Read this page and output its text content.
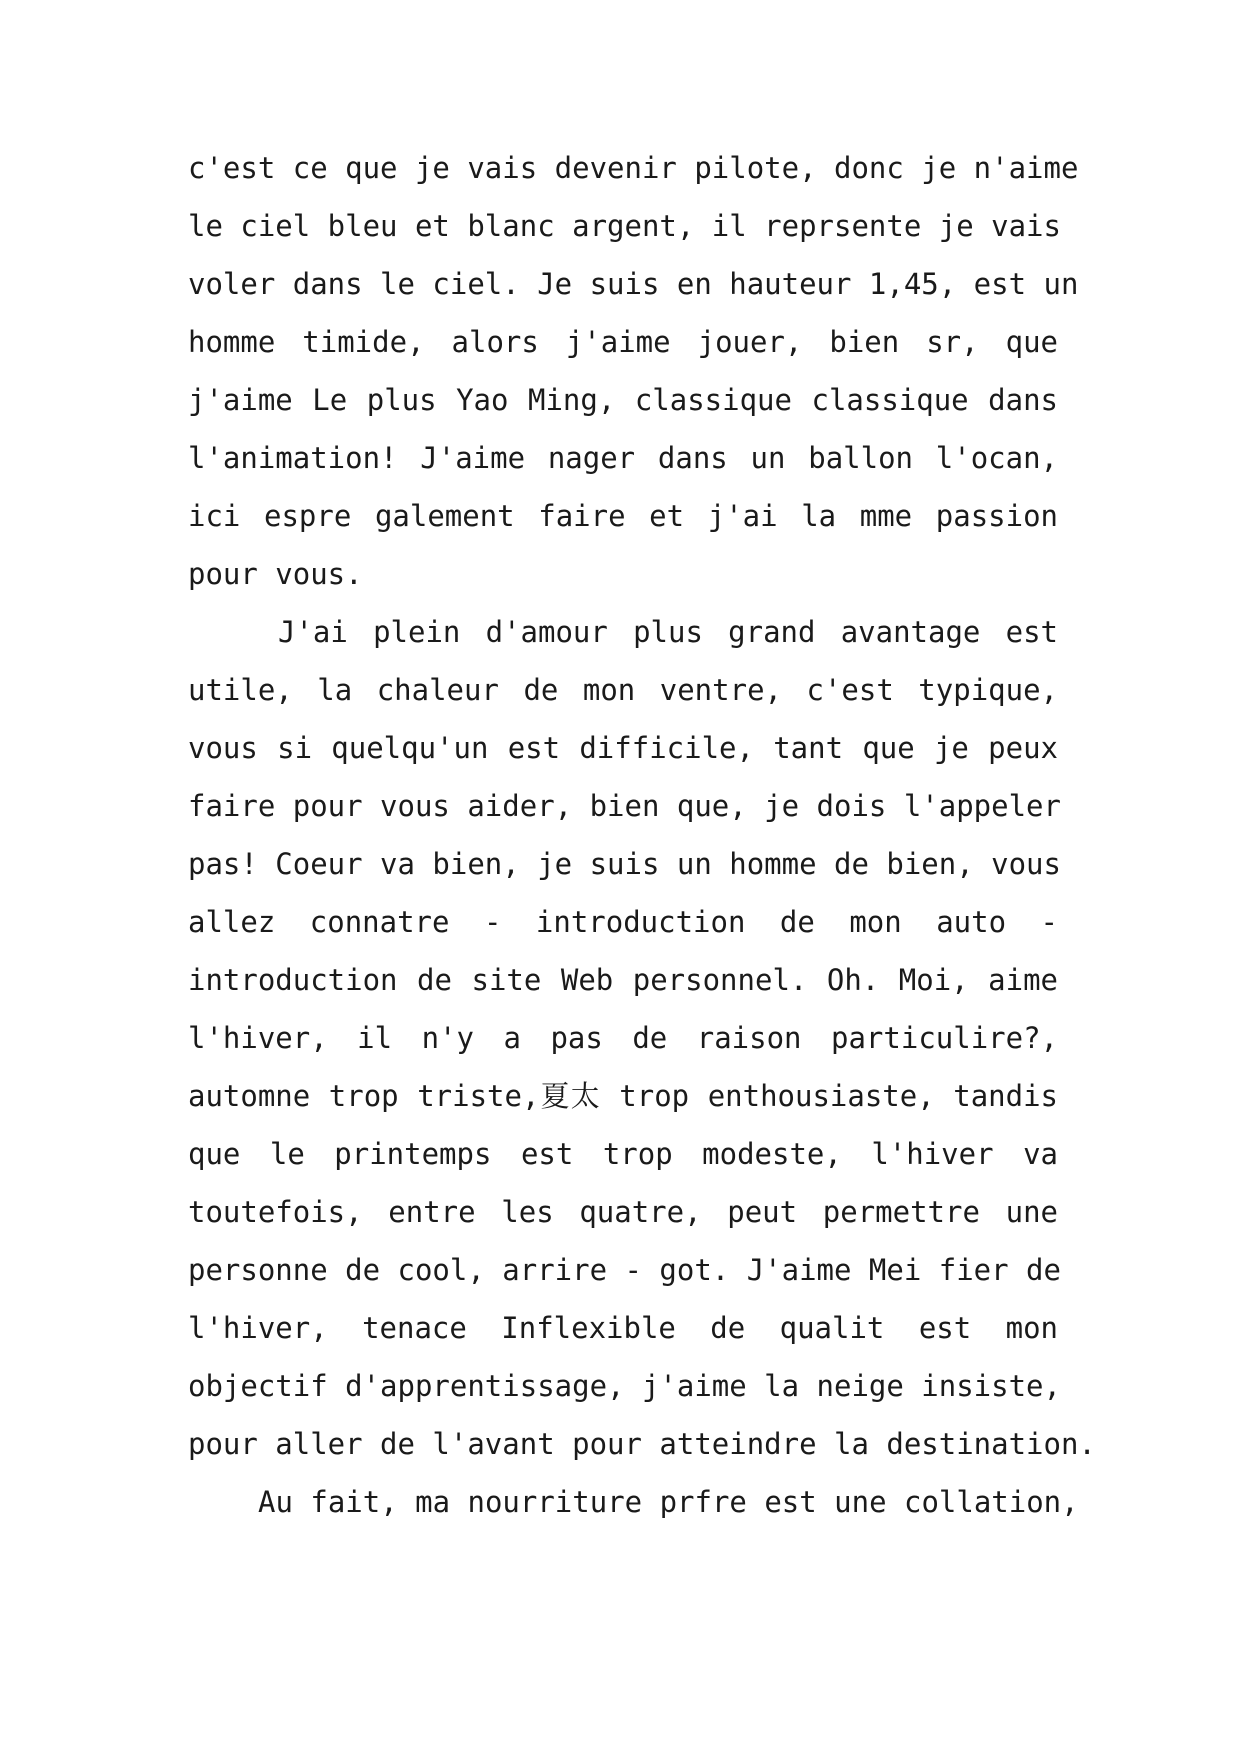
c'est ce que je vais devenir pilote, donc je n'aime
le ciel bleu et blanc argent, il reprsente je vais
voler dans le ciel. Je suis en hauteur 1,45, est un
homme timide, alors j'aime jouer, bien sr, que
j'aime Le plus Yao Ming, classique classique dans
l'animation! J'aime nager dans un ballon l'ocan,
ici espre galement faire et j'ai la mme passion
pour vous.
J'ai plein d'amour plus grand avantage est
utile, la chaleur de mon ventre, c'est typique,
vous si quelqu'un est difficile, tant que je peux
faire pour vous aider, bien que, je dois l'appeler
pas! Coeur va bien, je suis un homme de bien, vous
allez connatre - introduction de mon auto -
introduction de site Web personnel. Oh. Moi, aime
l'hiver, il n'y a pas de raison particulire?,
automne trop triste,夏太 trop enthousiaste, tandis
que le printemps est trop modeste, l'hiver va
toutefois, entre les quatre, peut permettre une
personne de cool, arrire - got. J'aime Mei fier de
l'hiver, tenace Inflexible de qualit est mon
objectif d'apprentissage, j'aime la neige insiste,
pour aller de l'avant pour atteindre la destination.
Au fait, ma nourriture prfre est une collation,
